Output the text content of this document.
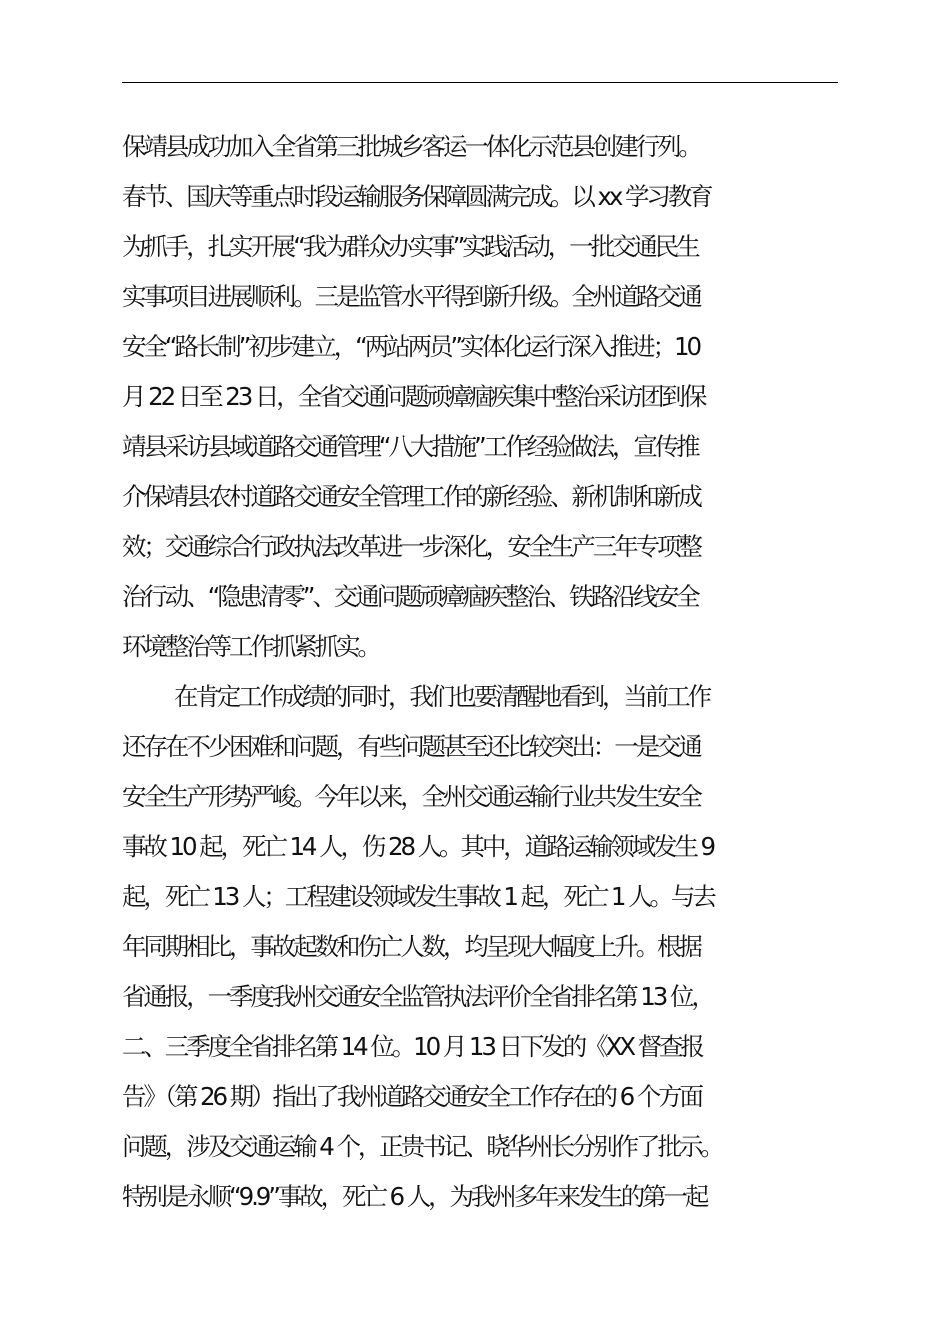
保靖县成功加入全省第三批城乡客运一体化示范县创建行列。
春节、国庆等重点时段运输服务保障圆满完成。以 xx 学习教育
为抓手，扎实开展“我为群众办实事”实践活动，一批交通民生
实事项目进展顺利。三是监管水平得到新升级。全州道路交通
安全“路长制”初步建立，“两站两员”实体化运行深入推进；10
月 22 日至 23 日，全省交通问题顽瘴痼疾集中整治采访团到保
靖县采访县域道路交通管理“八大措施”工作经验做法，宣传推
介保靖县农村道路交通安全管理工作的新经验、新机制和新成
效；交通综合行政执法改革进一步深化，安全生产三年专项整
治行动、“隐患清零”、交通问题顽瘴痼疾整治、铁路沿线安全
环境整治等工作抓紧抓实。
在肯定工作成绩的同时，我们也要清醒地看到，当前工作
还存在不少困难和问题，有些问题甚至还比较突出：一是交通
安全生产形势严峻。今年以来，全州交通运输行业共发生安全
事故 10 起，死亡 14 人，伤 28 人。其中，道路运输领域发生 9
起，死亡 13 人；工程建设领域发生事故 1 起，死亡 1 人。与去
年同期相比，事故起数和伤亡人数，均呈现大幅度上升。根据
省通报，一季度我州交通安全监管执法评价全省排名第 13 位，
二、三季度全省排名第 14 位。10 月 13 日下发的《XX 督查报
告》（第 26 期）指出了我州道路交通安全工作存在的 6 个方面
问题，涉及交通运输 4 个，正贵书记、晓华州长分别作了批示。
特别是永顺“9.9”事故，死亡 6 人，为我州多年来发生的第一起
